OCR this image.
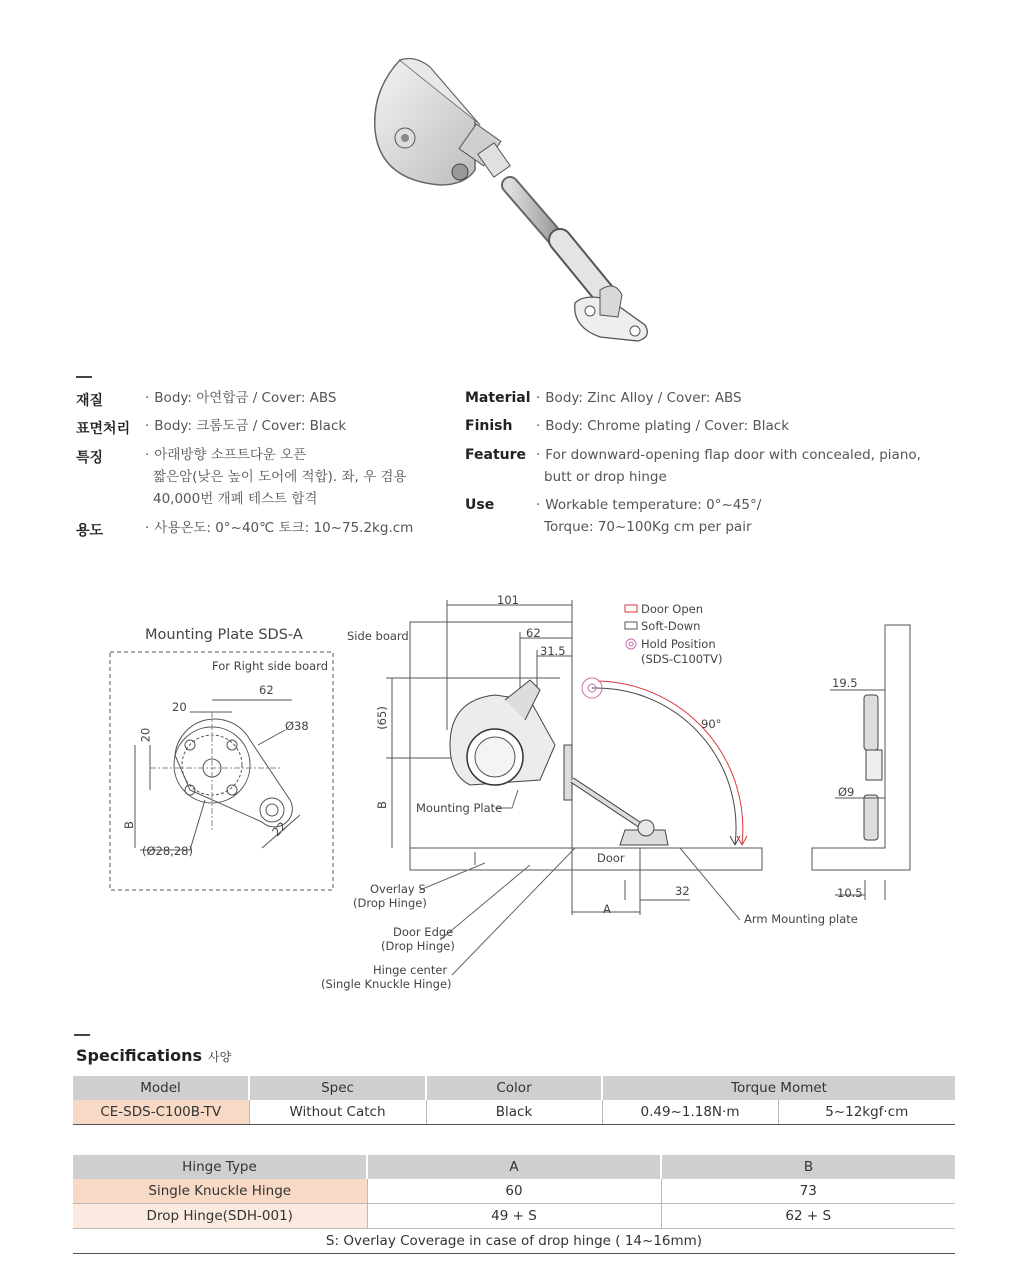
재질	· Body: 아연합금 / Cover: ABS
표면처리 · Body: 크롬도금 / Cover: Black
특징	· 아래방향 소프트다운 오픈
짧은암(낮은 높이 도어에 적합). 좌, 우 겸용
40,000번 개폐 테스트 합격
용도	· 사용온도: 0°~40℃ 토크: 10~75.2kg.cm
Material · Body: Zinc Alloy / Cover: ABS
Finish · Body: Chrome plating / Cover: Black
Feature · For downward-opening flap door with concealed, piano,
butt or drop hinge
Use	· Workable temperature: 0°~45°/
Torque: 70~100Kg cm per pair
Mounting Plate SDS-A
For Right side board
62
20
20
Ø38
B
(Ø28,28)
22
Side board
101
62
31.5
(65)
B Mounting Plate
Door
32
A
90°
Overlay S
(Drop Hinge)
Door Edge
(Drop Hinge)
Hinge center
(Single Knuckle Hinge)
Arm Mounting plate
Door Open
Soft-Down
Hold Position
(SDS-C100TV)
19.5
Ø9
10.5
Specifications 사양
Model	Spec	Color	Torque Momet	
CE-SDS-C100B-TV	Without Catch	Black	0.49~1.18N·m	5~12kgf·cm
Hinge Type	A	B
Single Knuckle Hinge	60	73
Drop Hinge(SDH-001)	49 + S	62 + S
S: Overlay Coverage in case of drop hinge ( 14~16mm)		
